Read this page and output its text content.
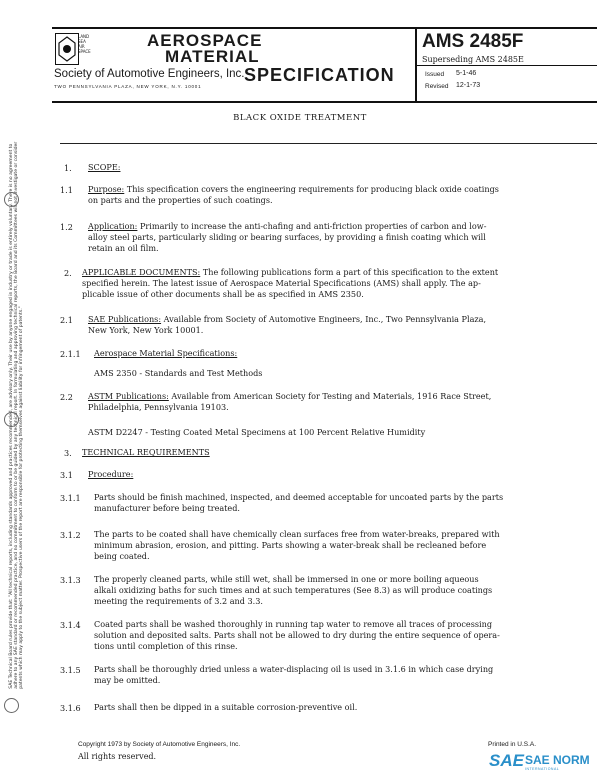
LAND SEA AIR SPACE
AEROSPACE
MATERIAL
SPECIFICATION
Society of Automotive Engineers, Inc.
TWO PENNSYLVANIA PLAZA, NEW YORK, N.Y. 10001
AMS 2485F
Superseding AMS 2485E
Issued 5-1-46
Revised 12-1-73
BLACK OXIDE TREATMENT
SAE Technical Board rules provide that: "All technical reports, including standards approved and practices recommended, are advisory only. Their use by anyone engaged in industry or trade is entirely voluntary. There is no agreement to adhere to any SAE standard or recommended practice, and no commitment to conform to or be guided by any technical report. In formulating and approving technical reports, the Board and its Committees will not investigate or consider patents which may apply to the subject matter. Prospective users of the report are responsible for protecting themselves against liability for infringement of patents."
1. SCOPE:
1.1 Purpose: This specification covers the engineering requirements for producing black oxide coatings
on parts and the properties of such coatings.
1.2 Application: Primarily to increase the anti-chafing and anti-friction properties of carbon and low-
alloy steel parts, particularly sliding or bearing surfaces, by providing a finish coating which will
retain an oil film.
2. APPLICABLE DOCUMENTS: The following publications form a part of this specification to the extent
specified herein. The latest issue of Aerospace Material Specifications (AMS) shall apply. The ap-
plicable issue of other documents shall be as specified in AMS 2350.
2.1 SAE Publications: Available from Society of Automotive Engineers, Inc., Two Pennsylvania Plaza,
New York, New York 10001.
2.1.1 Aerospace Material Specifications:
AMS 2350 - Standards and Test Methods
2.2 ASTM Publications: Available from American Society for Testing and Materials, 1916 Race Street,
Philadelphia, Pennsylvania 19103.
ASTM D2247 - Testing Coated Metal Specimens at 100 Percent Relative Humidity
3. TECHNICAL REQUIREMENTS
3.1 Procedure:
3.1.1 Parts should be finish machined, inspected, and deemed acceptable for uncoated parts by the parts
manufacturer before being treated.
3.1.2 The parts to be coated shall have chemically clean surfaces free from water-breaks, prepared with
minimum abrasion, erosion, and pitting. Parts showing a water-break shall be recleaned before
being coated.
3.1.3 The properly cleaned parts, while still wet, shall be immersed in one or more boiling aqueous
alkali oxidizing baths for such times and at such temperatures (See 8.3) as will produce coatings
meeting the requirements of 3.2 and 3.3.
3.1.4 Coated parts shall be washed thoroughly in running tap water to remove all traces of processing
solution and deposited salts. Parts shall not be allowed to dry during the entire sequence of opera-
tions until completion of this rinse.
3.1.5 Parts shall be thoroughly dried unless a water-displacing oil is used in 3.1.6 in which case drying
may be omitted.
3.1.6 Parts shall then be dipped in a suitable corrosion-preventive oil.
Copyright 1973 by Society of Automotive Engineers, Inc.
All rights reserved.
Printed in U.S.A.
SAE SAE NORM
INTERNATIONAL
